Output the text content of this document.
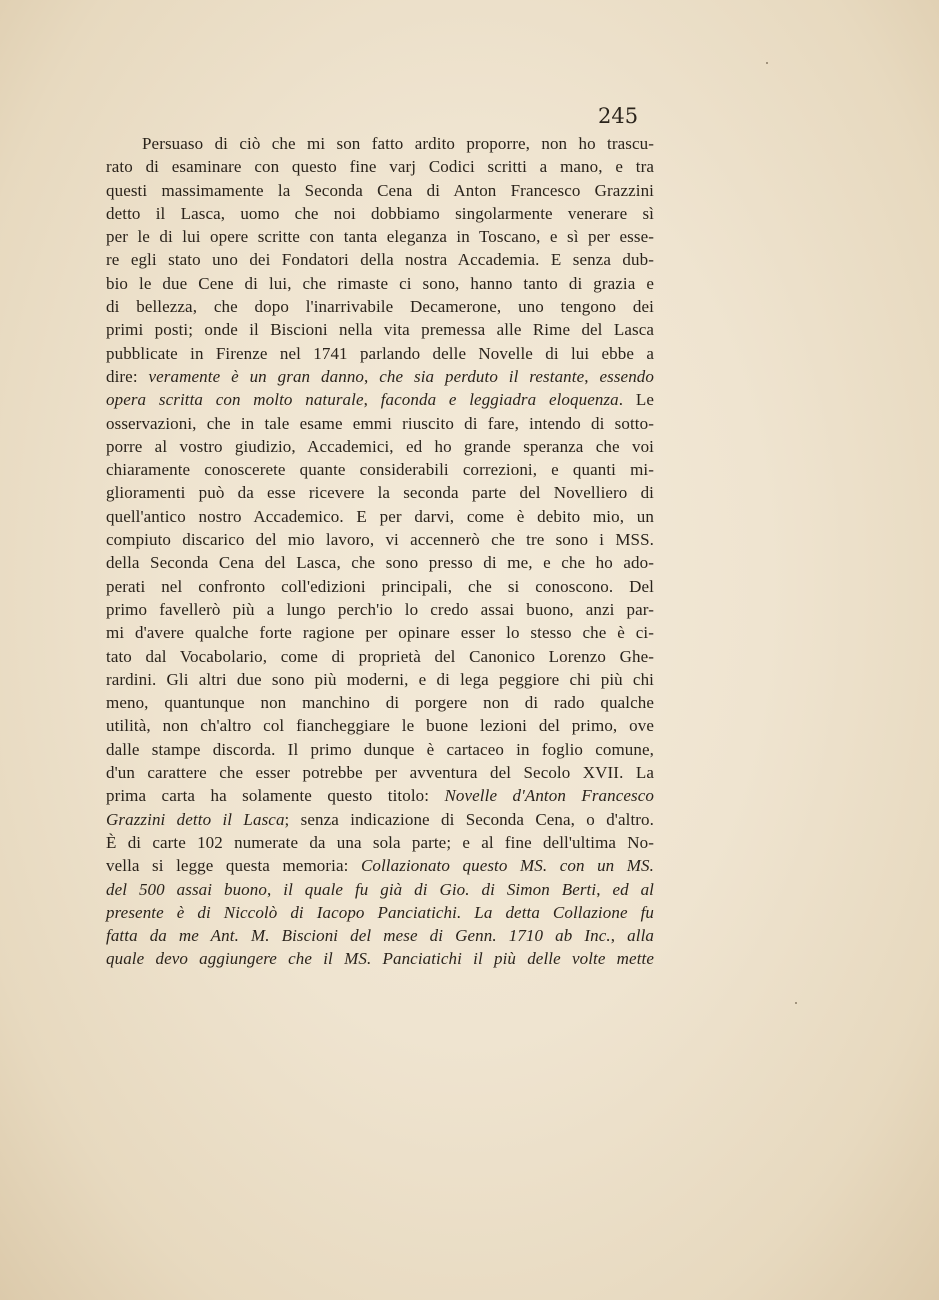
245
Persuaso di ciò che mi son fatto ardito proporre, non ho trascu-
rato di esaminare con questo fine varj Codici scritti a mano, e tra
questi massimamente la Seconda Cena di Anton Francesco Grazzini
detto il Lasca, uomo che noi dobbiamo singolarmente venerare sì
per le di lui opere scritte con tanta eleganza in Toscano, e sì per esse-
re egli stato uno dei Fondatori della nostra Accademia. E senza dub-
bio le due Cene di lui, che rimaste ci sono, hanno tanto di grazia e
di bellezza, che dopo l'inarrivabile Decamerone, uno tengono dei
primi posti; onde il Biscioni nella vita premessa alle Rime del Lasca
pubblicate in Firenze nel 1741 parlando delle Novelle di lui ebbe a
dire: veramente è un gran danno, che sia perduto il restante, essendo
opera scritta con molto naturale, faconda e leggiadra eloquenza. Le
osservazioni, che in tale esame emmi riuscito di fare, intendo di sotto-
porre al vostro giudizio, Accademici, ed ho grande speranza che voi
chiaramente conoscerete quante considerabili correzioni, e quanti mi-
glioramenti può da esse ricevere la seconda parte del Novelliero di
quell'antico nostro Accademico. E per darvi, come è debito mio, un
compiuto discarico del mio lavoro, vi accennerò che tre sono i MSS.
della Seconda Cena del Lasca, che sono presso di me, e che ho ado-
perati nel confronto coll'edizioni principali, che si conoscono. Del
primo favellerò più a lungo perch'io lo credo assai buono, anzi par-
mi d'avere qualche forte ragione per opinare esser lo stesso che è ci-
tato dal Vocabolario, come di proprietà del Canonico Lorenzo Ghe-
rardini. Gli altri due sono più moderni, e di lega peggiore chi più chi
meno, quantunque non manchino di porgere non di rado qualche
utilità, non ch'altro col fiancheggiare le buone lezioni del primo, ove
dalle stampe discorda. Il primo dunque è cartaceo in foglio comune,
d'un carattere che esser potrebbe per avventura del Secolo XVII. La
prima carta ha solamente questo titolo: Novelle d'Anton Francesco
Grazzini detto il Lasca; senza indicazione di Seconda Cena, o d'altro.
È di carte 102 numerate da una sola parte; e al fine dell'ultima No-
vella si legge questa memoria: Collazionato questo MS. con un MS.
del 500 assai buono, il quale fu già di Gio. di Simon Berti, ed al
presente è di Niccolò di Iacopo Panciatichi. La detta Collazione fu
fatta da me Ant. M. Biscioni del mese di Genn. 1710 ab Inc., alla
quale devo aggiungere che il MS. Panciatichi il più delle volte mette
